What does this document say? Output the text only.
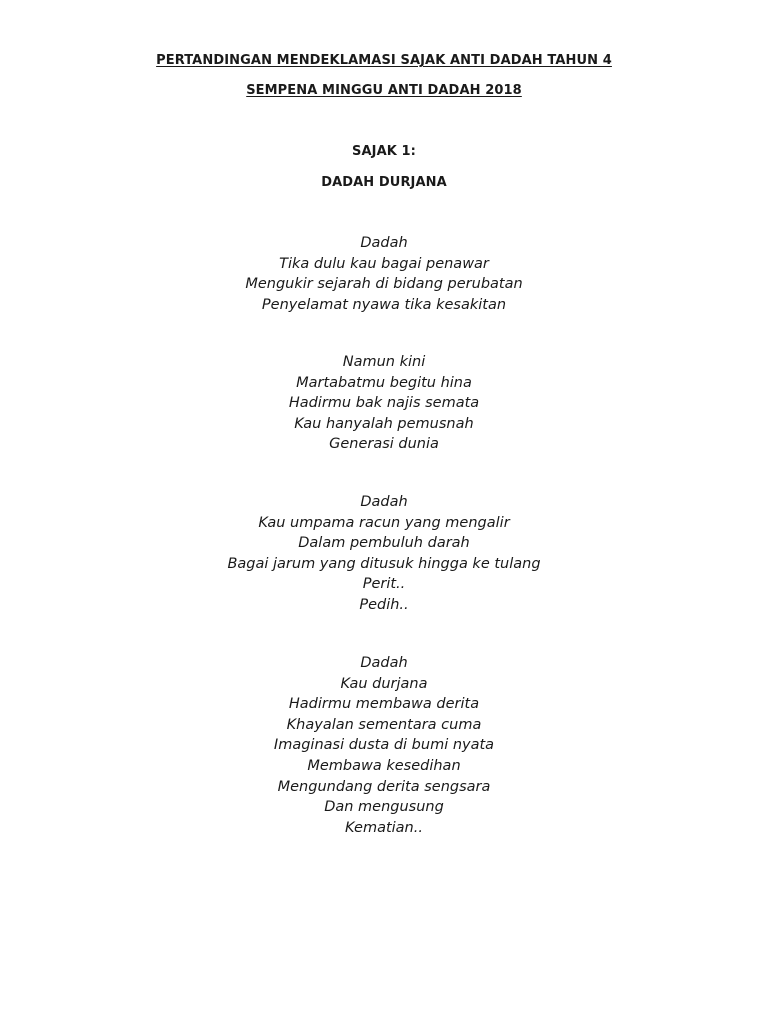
PERTANDINGAN MENDEKLAMASI SAJAK ANTI DADAH TAHUN 4
SEMPENA MINGGU ANTI DADAH 2018
SAJAK 1:
DADAH DURJANA
Dadah
Tika dulu kau bagai penawar
Mengukir sejarah di bidang perubatan
Penyelamat nyawa tika kesakitan
Namun kini
Martabatmu begitu hina
Hadirmu bak najis semata
Kau hanyalah pemusnah
Generasi dunia
Dadah
Kau umpama racun yang mengalir
Dalam pembuluh darah
Bagai jarum yang ditusuk hingga ke tulang
Perit..
Pedih..
Dadah
Kau durjana
Hadirmu membawa derita
Khayalan sementara cuma
Imaginasi dusta di bumi nyata
Membawa kesedihan
Mengundang derita sengsara
Dan mengusung
Kematian..
